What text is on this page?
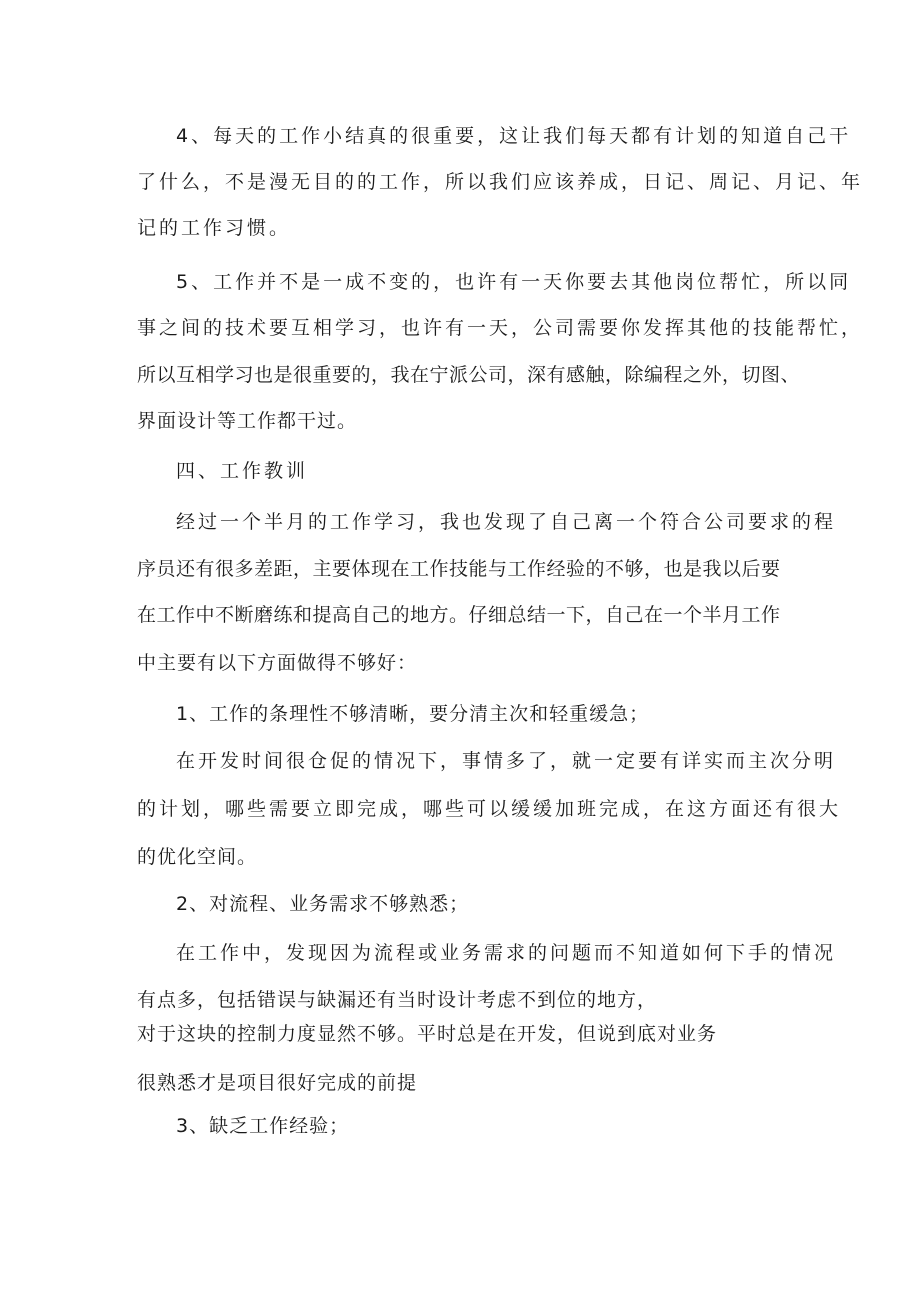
4、每天的工作小结真的很重要，这让我们每天都有计划的知道自己干
了什么，不是漫无目的的工作，所以我们应该养成，日记、周记、月记、年
记的工作习惯。
5、工作并不是一成不变的，也许有一天你要去其他岗位帮忙，所以同
事之间的技术要互相学习，也许有一天，公司需要你发挥其他的技能帮忙，
所以互相学习也是很重要的，我在宁派公司，深有感触，除编程之外，切图、
界面设计等工作都干过。
四、工作教训
经过一个半月的工作学习，我也发现了自己离一个符合公司要求的程
序员还有很多差距，主要体现在工作技能与工作经验的不够，也是我以后要
在工作中不断磨练和提高自己的地方。仔细总结一下，自己在一个半月工作
中主要有以下方面做得不够好：
1、工作的条理性不够清晰，要分清主次和轻重缓急；
在开发时间很仓促的情况下，事情多了，就一定要有详实而主次分明
的计划，哪些需要立即完成，哪些可以缓缓加班完成，在这方面还有很大
的优化空间。
2、对流程、业务需求不够熟悉；
在工作中，发现因为流程或业务需求的问题而不知道如何下手的情况
有点多，包括错误与缺漏还有当时设计考虑不到位的地方，
对于这块的控制力度显然不够。平时总是在开发，但说到底对业务
很熟悉才是项目很好完成的前提
3、缺乏工作经验；
